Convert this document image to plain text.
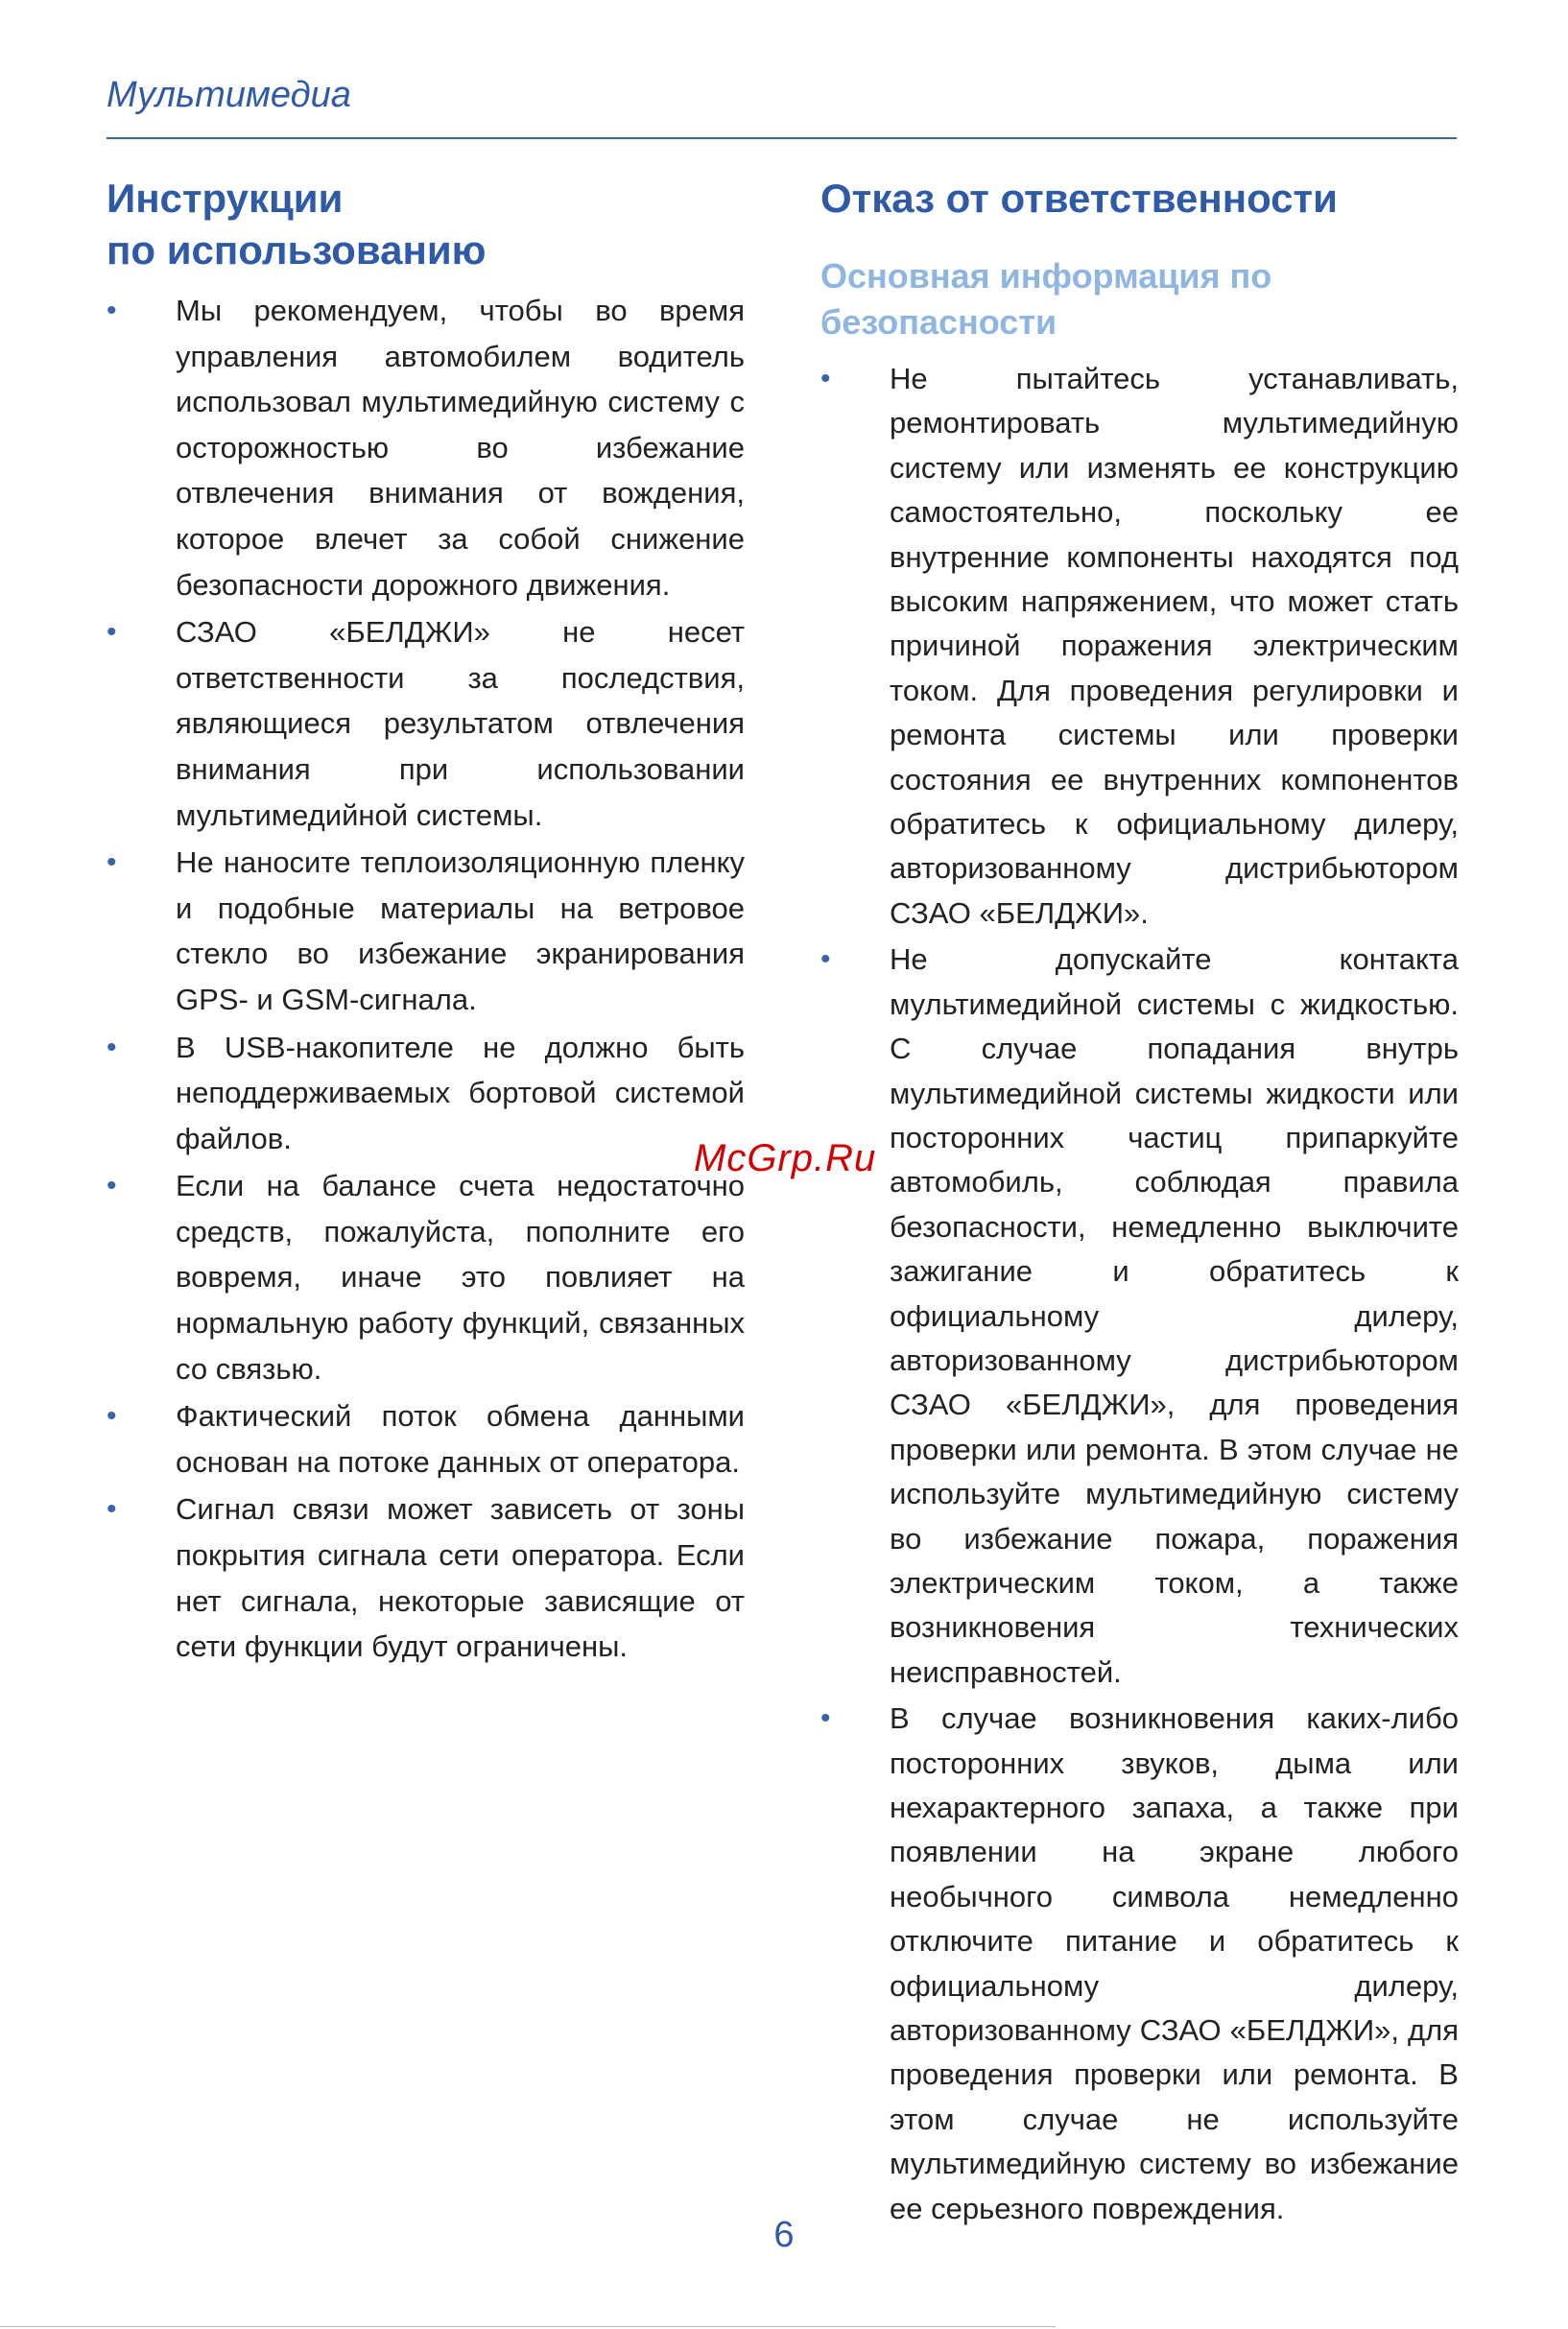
Мультимедиа
Инструкции
по использованию
• Мы рекомендуем, чтобы во время управления автомобилем водитель использовал мультимедийную систему с осторожностью во избежание отвлечения внимания от вождения, которое влечет за собой снижение безопасности дорожного движения.
• СЗАО «БЕЛДЖИ» не несет ответственности за последствия, являющиеся результатом отвлечения внимания при использовании мультимедийной системы.
• Не наносите теплоизоляционную пленку и подобные материалы на ветровое стекло во избежание экранирования GPS- и GSM-сигнала.
• В USB-накопителе не должно быть неподдерживаемых бортовой системой файлов.
• Если на балансе счета недостаточно средств, пожалуйста, пополните его вовремя, иначе это повлияет на нормальную работу функций, связанных со связью.
• Фактический поток обмена данными основан на потоке данных от оператора.
• Сигнал связи может зависеть от зоны покрытия сигнала сети оператора. Если нет сигнала, некоторые зависящие от сети функции будут ограничены.
Отказ от ответственности
Основная информация по безопасности
• Не пытайтесь устанавливать, ремонтировать мультимедийную систему или изменять ее конструкцию самостоятельно, поскольку ее внутренние компоненты находятся под высоким напряжением, что может стать причиной поражения электрическим током. Для проведения регулировки и ремонта системы или проверки состояния ее внутренних компонентов обратитесь к официальному дилеру, авторизованному дистрибьютором СЗАО «БЕЛДЖИ».
• Не допускайте контакта мультимедийной системы с жидкостью. С случае попадания внутрь мультимедийной системы жидкости или посторонних частиц припаркуйте автомобиль, соблюдая правила безопасности, немедленно выключите зажигание и обратитесь к официальному дилеру, авторизованному дистрибьютором СЗАО «БЕЛДЖИ», для проведения проверки или ремонта. В этом случае не используйте мультимедийную систему во избежание пожара, поражения электрическим током, а также возникновения технических неисправностей.
• В случае возникновения каких-либо посторонних звуков, дыма или нехарактерного запаха, а также при появлении на экране любого необычного символа немедленно отключите питание и обратитесь к официальному дилеру, авторизованному СЗАО «БЕЛДЖИ», для проведения проверки или ремонта. В этом случае не используйте мультимедийную систему во избежание ее серьезного повреждения.
McGrp.Ru
6
